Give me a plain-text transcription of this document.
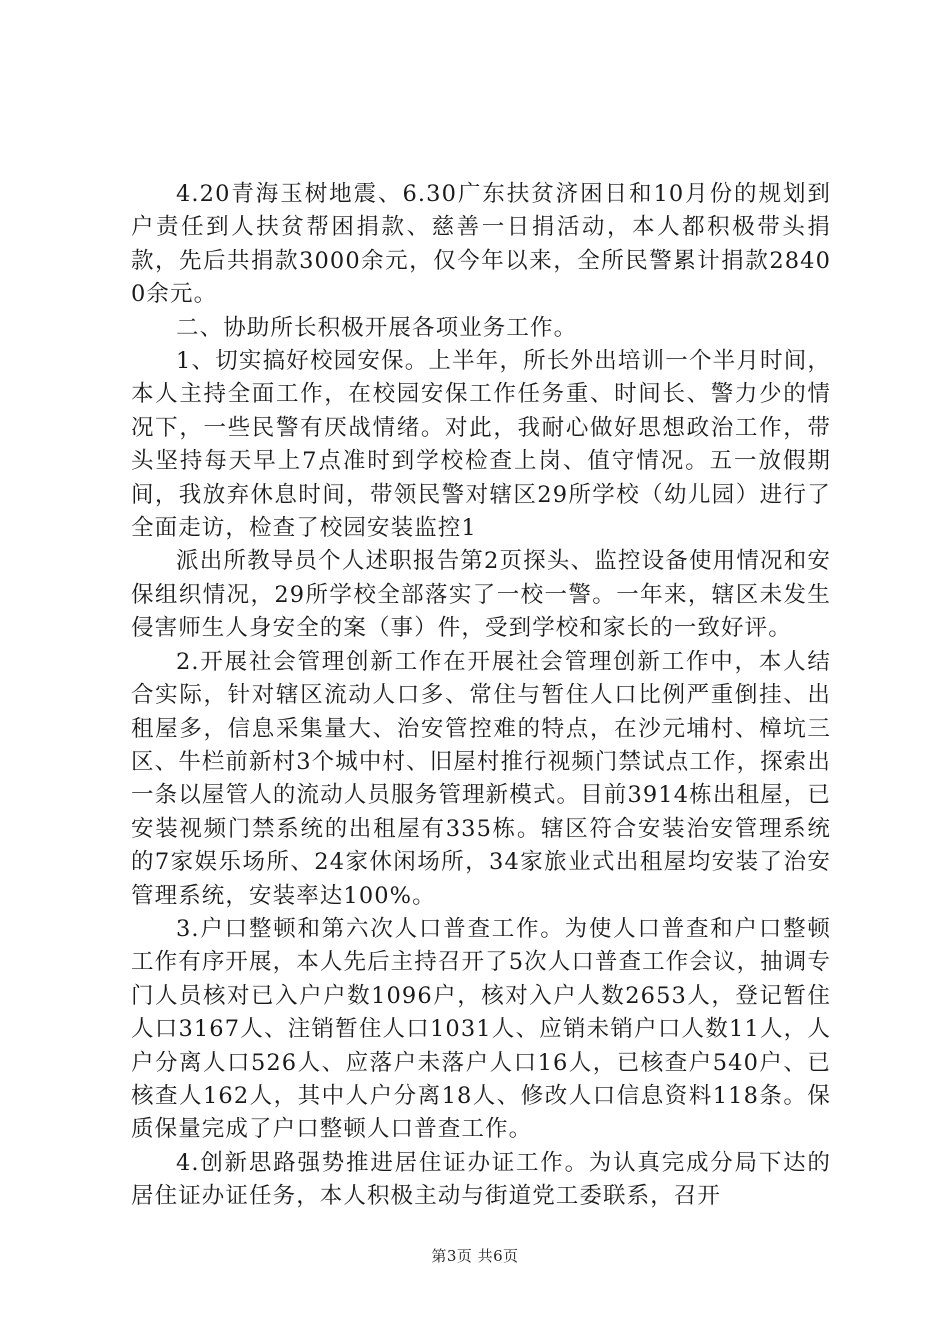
4.20青海玉树地震、6.30广东扶贫济困日和10月份的规划到户责任到人扶贫帮困捐款、慈善一日捐活动，本人都积极带头捐款，先后共捐款3000余元，仅今年以来，全所民警累计捐款28400余元。

二、协助所长积极开展各项业务工作。

1、切实搞好校园安保。上半年，所长外出培训一个半月时间，本人主持全面工作，在校园安保工作任务重、时间长、警力少的情况下，一些民警有厌战情绪。对此，我耐心做好思想政治工作，带头坚持每天早上7点准时到学校检查上岗、值守情况。五一放假期间，我放弃休息时间，带领民警对辖区29所学校（幼儿园）进行了全面走访，检查了校园安装监控1

派出所教导员个人述职报告第2页探头、监控设备使用情况和安保组织情况，29所学校全部落实了一校一警。一年来，辖区未发生侵害师生人身安全的案（事）件，受到学校和家长的一致好评。

2.开展社会管理创新工作在开展社会管理创新工作中，本人结合实际，针对辖区流动人口多、常住与暂住人口比例严重倒挂、出租屋多，信息采集量大、治安管控难的特点，在沙元埔村、樟坑三区、牛栏前新村3个城中村、旧屋村推行视频门禁试点工作，探索出一条以屋管人的流动人员服务管理新模式。目前3914栋出租屋，已安装视频门禁系统的出租屋有335栋。辖区符合安装治安管理系统的7家娱乐场所、24家休闲场所，34家旅业式出租屋均安装了治安管理系统，安装率达100%。

3.户口整顿和第六次人口普查工作。为使人口普查和户口整顿工作有序开展，本人先后主持召开了5次人口普查工作会议，抽调专门人员核对已入户户数1096户，核对入户人数2653人，登记暂住人口3167人、注销暂住人口1031人、应销未销户口人数11人，人户分离人口526人、应落户未落户人口16人，已核查户540户、已核查人162人，其中人户分离18人、修改人口信息资料118条。保质保量完成了户口整顿人口普查工作。

4.创新思路强势推进居住证办证工作。为认真完成分局下达的居住证办证任务，本人积极主动与街道党工委联系，召开

第3页 共6页
